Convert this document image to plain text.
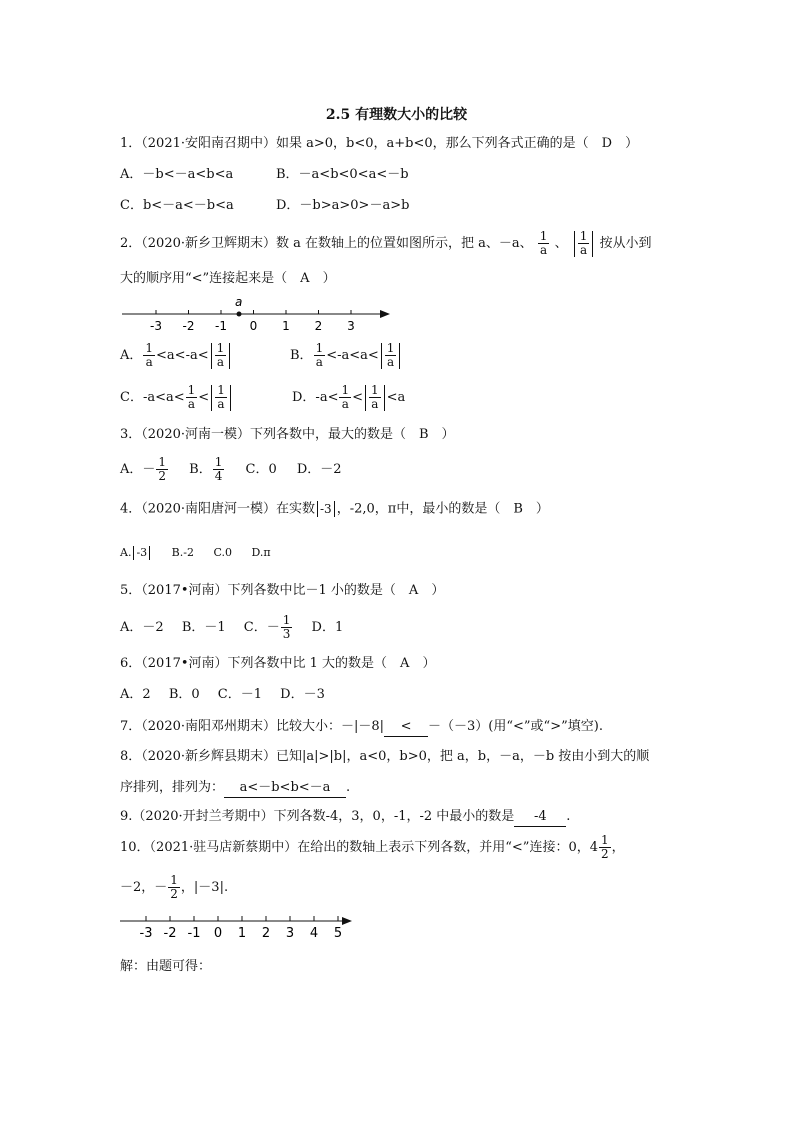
2.5 有理数大小的比较
1．（2021·安阳南召期中）如果 a>0，b<0，a+b<0，那么下列各式正确的是（　D　）
A．－b<－a<b<a	B．－a<b<0<a<－b
C．b<－a<－b<a	D．－b>a>0>－a>b
2．（2020·新乡卫辉期末）数 a 在数轴上的位置如图所示，把 a、－a、 $\frac{1}{a}$ 、 $\frac{1}{a}$ 按从小到
大的顺序用“<”连接起来是（　A　）
-3 -2 -1 0 1 2 3
a
A． $\frac{1}{a} <a<-a< \frac{1}{a}$	B． $\frac{1}{a} <-a<a< \frac{1}{a}$
C．$-a<a< \frac{1}{a} < \frac{1}{a}$	D．$-a< \frac{1}{a} < \frac{1}{a} <a$
3．（2020·河南一模）下列各数中，最大的数是（　B　）
A．－ $\frac{1}{2}$ B． $\frac{1}{4}$ C．0 D．－2
4．（2020·南阳唐河一模）在实数 -3 ，-2,0，π中，最小的数是（　B　）
A. -3 B.-2 C.0 D.π
5．（2017•河南）下列各数中比－1 小的数是（　A　）
A．－2 B．－1 C．－ $\frac{1}{3}$ D．1
6．（2017•河南）下列各数中比 1 大的数是（　A　）
A．2 B．0 C．－1 D．－3
7．（2020·南阳邓州期末）比较大小：－|－8| < －（－3）(用“<”或“>”填空).
8．（2020·新乡辉县期末）已知|a|>|b|，a<0，b>0，把 a，b，－a，－b 按由小到大的顺
序排列，排列为： a<－b<b<－a .
9.（2020·开封兰考期中）下列各数-4，3，0，-1，-2 中最小的数是 -4 .
10．（2021·驻马店新蔡期中）在给出的数轴上表示下列各数，并用“<”连接：0，$4 \frac{1}{2}$ ，
－2，－ $\frac{1}{2}$ ，|－3|.
-3 -2 -1 0 1 2 3 4 5
解：由题可得：
